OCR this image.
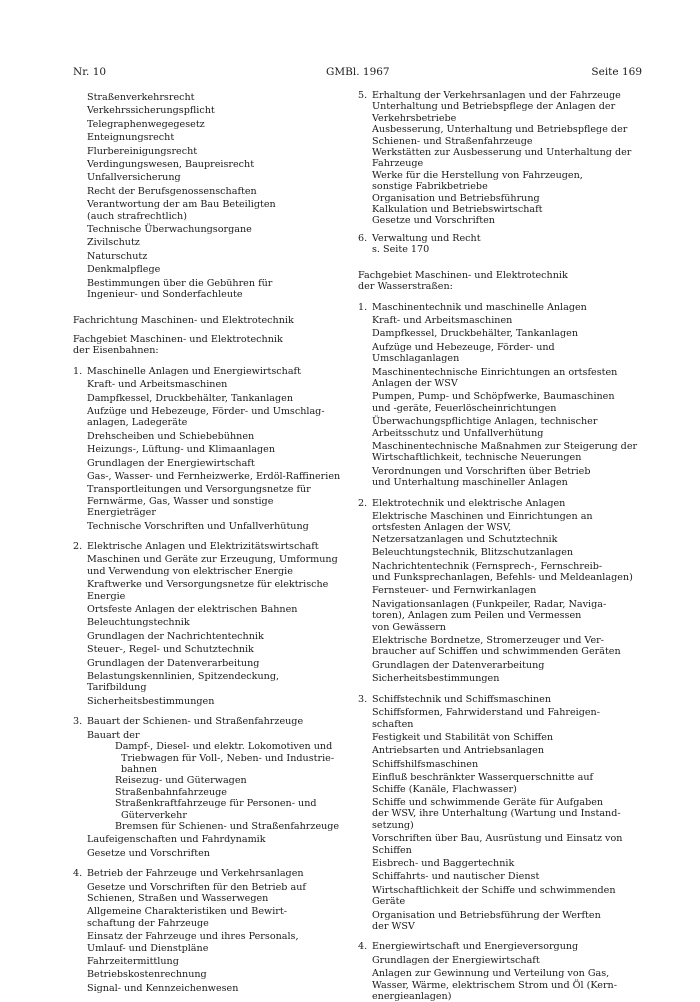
Nr. 10	GMBl. 1967	Seite 169
Straßenverkehrsrecht
Verkehrssicherungspflicht
Telegraphenwegegesetz
Enteignungsrecht
Flurbereinigungsrecht
Verdingungswesen, Baupreisrecht
Unfallversicherung
Recht der Berufsgenossenschaften
Verantwortung der am Bau Beteiligten
(auch strafrechtlich)
Technische Überwachungsorgane
Zivilschutz
Naturschutz
Denkmalpflege
Bestimmungen über die Gebühren für
Ingenieur- und Sonderfachleute
Fachrichtung Maschinen- und Elektrotechnik
Fachgebiet Maschinen- und Elektrotechnik
der Eisenbahnen:
1. Maschinelle Anlagen und Energiewirtschaft
Kraft- und Arbeitsmaschinen
Dampfkessel, Druckbehälter, Tankanlagen
Aufzüge und Hebezeuge, Förder- und Umschlag-
anlagen, Ladegeräte
Drehscheiben und Schiebebühnen
Heizungs-, Lüftung- und Klimaanlagen
Grundlagen der Energiewirtschaft
Gas-, Wasser- und Fernheizwerke, Erdöl-Raffinerien
Transportleitungen und Versorgungsnetze für
Fernwärme, Gas, Wasser und sonstige
Energieträger
Technische Vorschriften und Unfallverhütung
2. Elektrische Anlagen und Elektrizitätswirtschaft
Maschinen und Geräte zur Erzeugung, Umformung
und Verwendung von elektrischer Energie
Kraftwerke und Versorgungsnetze für elektrische
Energie
Ortsfeste Anlagen der elektrischen Bahnen
Beleuchtungstechnik
Grundlagen der Nachrichtentechnik
Steuer-, Regel- und Schutztechnik
Grundlagen der Datenverarbeitung
Belastungskennlinien, Spitzendeckung,
Tarifbildung
Sicherheitsbestimmungen
3. Bauart der Schienen- und Straßenfahrzeuge
Bauart der
Dampf-, Diesel- und elektr. Lokomotiven und
Triebwagen für Voll-, Neben- und Industrie-
bahnen
Reisezug- und Güterwagen
Straßenbahnfahrzeuge
Straßenkraftfahrzeuge für Personen- und
Güterverkehr
Bremsen für Schienen- und Straßenfahrzeuge
Laufeigenschaften und Fahrdynamik
Gesetze und Vorschriften
4. Betrieb der Fahrzeuge und Verkehrsanlagen
Gesetze und Vorschriften für den Betrieb auf
Schienen, Straßen und Wasserwegen
Allgemeine Charakteristiken und Bewirt-
schaftung der Fahrzeuge
Einsatz der Fahrzeuge und ihres Personals,
Umlauf- und Dienstpläne
Fahrzeitermittlung
Betriebskostenrechnung
Signal- und Kennzeichenwesen
5. Erhaltung der Verkehrsanlagen und der Fahrzeuge
Unterhaltung und Betriebspflege der Anlagen der
Verkehrsbetriebe
Ausbesserung, Unterhaltung und Betriebspflege der
Schienen- und Straßenfahrzeuge
Werkstätten zur Ausbesserung und Unterhaltung der
Fahrzeuge
Werke für die Herstellung von Fahrzeugen,
sonstige Fabrikbetriebe
Organisation und Betriebsführung
Kalkulation und Betriebswirtschaft
Gesetze und Vorschriften
6. Verwaltung und Recht
s. Seite 170
Fachgebiet Maschinen- und Elektrotechnik
der Wasserstraßen:
1. Maschinentechnik und maschinelle Anlagen
Kraft- und Arbeitsmaschinen
Dampfkessel, Druckbehälter, Tankanlagen
Aufzüge und Hebezeuge, Förder- und
Umschlaganlagen
Maschinentechnische Einrichtungen an ortsfesten
Anlagen der WSV
Pumpen, Pump- und Schöpfwerke, Baumaschinen
und -geräte, Feuerlöscheinrichtungen
Überwachungspflichtige Anlagen, technischer
Arbeitsschutz und Unfallverhütung
Maschinentechnische Maßnahmen zur Steigerung der
Wirtschaftlichkeit, technische Neuerungen
Verordnungen und Vorschriften über Betrieb
und Unterhaltung maschineller Anlagen
2. Elektrotechnik und elektrische Anlagen
Elektrische Maschinen und Einrichtungen an
ortsfesten Anlagen der WSV,
Netzersatzanlagen und Schutztechnik
Beleuchtungstechnik, Blitzschutzanlagen
Nachrichtentechnik (Fernsprech-, Fernschreib-
und Funksprechanlagen, Befehls- und Meldeanlagen)
Fernsteuer- und Fernwirkanlagen
Navigationsanlagen (Funkpeiler, Radar, Naviga-
toren), Anlagen zum Peilen und Vermessen
von Gewässern
Elektrische Bordnetze, Stromerzeuger und Ver-
braucher auf Schiffen und schwimmenden Geräten
Grundlagen der Datenverarbeitung
Sicherheitsbestimmungen
3. Schiffstechnik und Schiffsmaschinen
Schiffsformen, Fahrwiderstand und Fahreigen-
schaften
Festigkeit und Stabilität von Schiffen
Antriebsarten und Antriebsanlagen
Schiffshilfsmaschinen
Einfluß beschränkter Wasserquerschnitte auf
Schiffe (Kanäle, Flachwasser)
Schiffe und schwimmende Geräte für Aufgaben
der WSV, ihre Unterhaltung (Wartung und Instand-
setzung)
Vorschriften über Bau, Ausrüstung und Einsatz von
Schiffen
Eisbrech- und Baggertechnik
Schiffahrts- und nautischer Dienst
Wirtschaftlichkeit der Schiffe und schwimmenden
Geräte
Organisation und Betriebsführung der Werften
der WSV
4. Energiewirtschaft und Energieversorgung
Grundlagen der Energiewirtschaft
Anlagen zur Gewinnung und Verteilung von Gas,
Wasser, Wärme, elektrischem Strom und Öl (Kern-
energieanlagen)
